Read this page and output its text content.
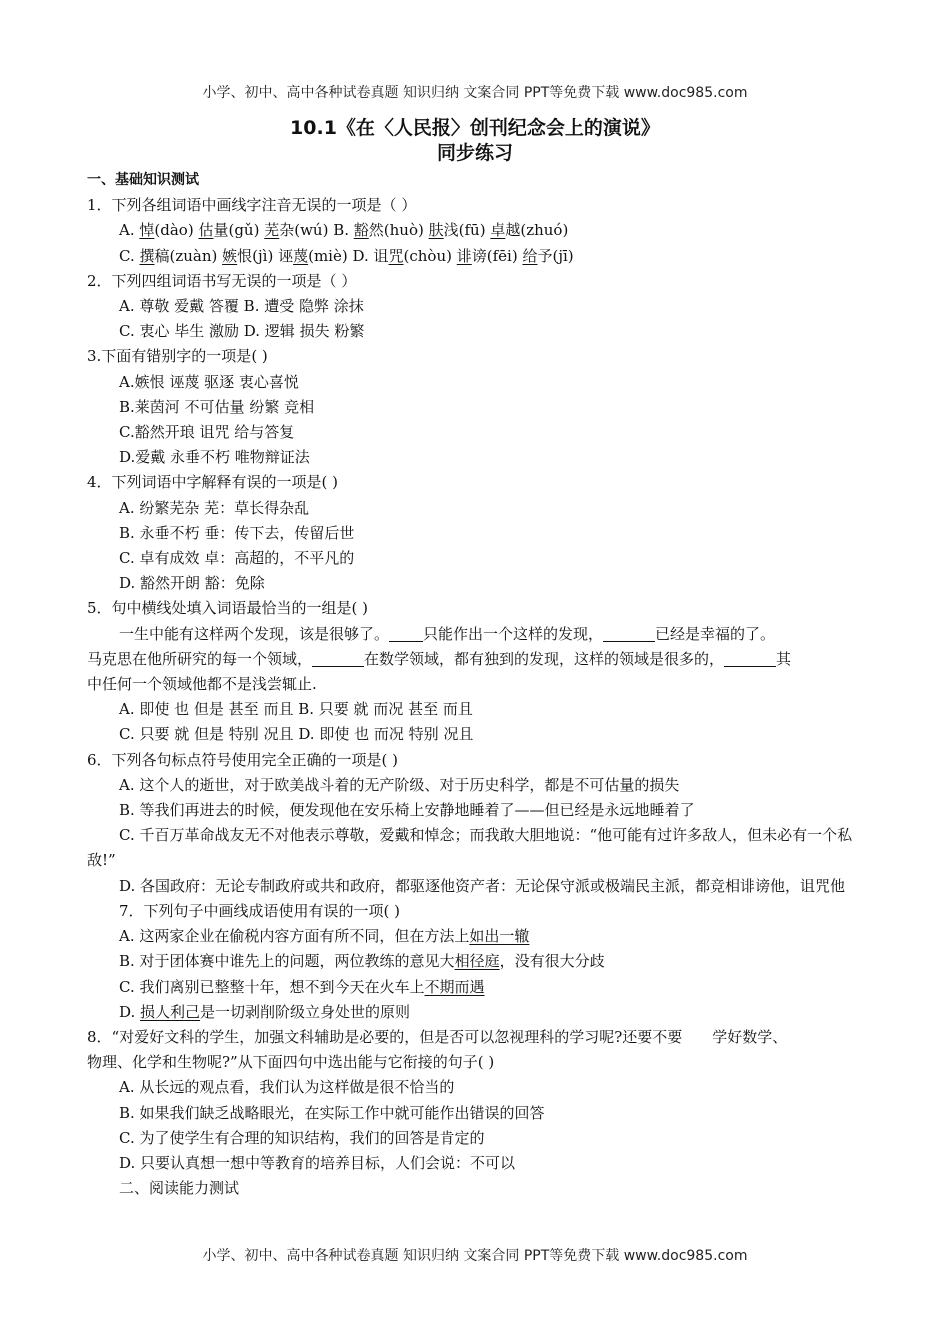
小学、初中、高中各种试卷真题 知识归纳 文案合同 PPT等免费下载 www.doc985.com
10.1《在〈人民报〉创刊纪念会上的演说》
同步练习

一、基础知识测试

1．下列各组词语中画线字注音无误的一项是（ ）

A. 悼(dào) 估量(gǔ) 芜杂(wú) B. 豁然(huò) 肤浅(fū) 卓越(zhuó)

C. 撰稿(zuàn) 嫉恨(jì) 诬蔑(miè) D. 诅咒(chòu) 诽谤(fēi) 给予(jī)

2．下列四组词语书写无误的一项是（ ）

A. 尊敬 爱戴 答覆 B. 遭受 隐弊 涂抹

C. 衷心 毕生 激励 D. 逻辑 损失 粉繁

3.下面有错别字的一项是( )

A.嫉恨 诬蔑 驱逐 衷心喜悦

B.莱茵河 不可估量 纷繁 竞相

C.豁然开琅 诅咒 给与答复

D.爱戴 永垂不朽 唯物辩证法

4．下列词语中字解释有误的一项是( )

A. 纷繁芜杂 芜：草长得杂乱

B. 永垂不朽 垂：传下去，传留后世

C. 卓有成效 卓：高超的，不平凡的

D. 豁然开朗 豁：免除

5．句中横线处填入词语最恰当的一组是( )

一生中能有这样两个发现，该是很够了。 只能作出一个这样的发现，	已经是幸福的了。

马克思在他所研究的每一个领域，	在数学领域，都有独到的发现，这样的领域是很多的，	其

中任何一个领域他都不是浅尝辄止.

A. 即使 也 但是 甚至 而且 B. 只要 就 而况 甚至 而且

C. 只要 就 但是 特别 况且 D. 即使 也 而况 特别 况且

6．下列各句标点符号使用完全正确的一项是( )

A. 这个人的逝世，对于欧美战斗着的无产阶级、对于历史科学，都是不可估量的损失

B. 等我们再进去的时候，便发现他在安乐椅上安静地睡着了——但已经是永远地睡着了

C. 千百万革命战友无不对他表示尊敬，爱戴和悼念；而我敢大胆地说：“他可能有过许多敌人，但未必有一个私敌!”

D. 各国政府：无论专制政府或共和政府，都驱逐他资产者：无论保守派或极端民主派，都竞相诽谤他，诅咒他

7．下列句子中画线成语使用有误的一项( )

A. 这两家企业在偷税内容方面有所不同，但在方法上如出一辙

B. 对于团体赛中谁先上的问题，两位教练的意见大相径庭，没有很大分歧

C. 我们离别已整整十年，想不到今天在火车上不期而遇

D. 损人利己是一切剥削阶级立身处世的原则

8．“对爱好文科的学生，加强文科辅助是必要的，但是否可以忽视理科的学习呢?还要不要 学好数学、

物理、化学和生物呢?”从下面四句中选出能与它衔接的句子( )

A. 从长远的观点看，我们认为这样做是很不恰当的

B. 如果我们缺乏战略眼光，在实际工作中就可能作出错误的回答

C. 为了使学生有合理的知识结构，我们的回答是肯定的

D. 只要认真想一想中等教育的培养目标，人们会说：不可以

二、阅读能力测试

小学、初中、高中各种试卷真题 知识归纳 文案合同 PPT等免费下载 www.doc985.com
